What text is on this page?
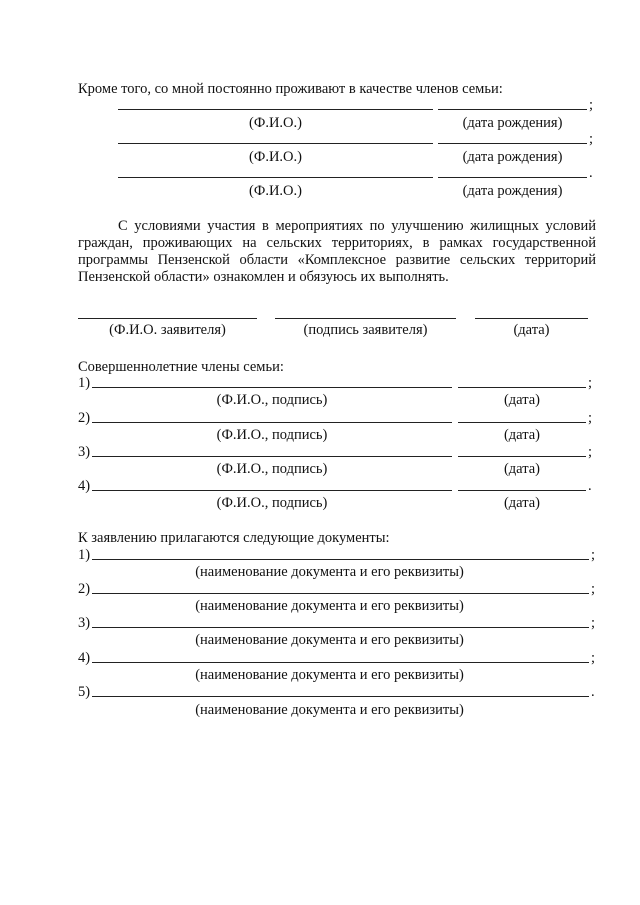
Кроме того, со мной постоянно проживают в качестве членов семьи:
;
(Ф.И.О.)	(дата рождения)
;
(Ф.И.О.)	(дата рождения)
.
(Ф.И.О.)	(дата рождения)
С условиями участия в мероприятиях по улучшению жилищных условий граждан, проживающих на сельских территориях, в рамках государственной программы Пензенской области «Комплексное развитие сельских территорий Пензенской области» ознакомлен и обязуюсь их выполнять.
(Ф.И.О. заявителя)	(подпись заявителя)	(дата)
Совершеннолетние члены семьи:
1)	;
(Ф.И.О., подпись)	(дата)
2)	;
(Ф.И.О., подпись)	(дата)
3)	;
(Ф.И.О., подпись)	(дата)
4)	.
(Ф.И.О., подпись)	(дата)
К заявлению прилагаются следующие документы:
1)	;
(наименование документа и его реквизиты)
2)	;
(наименование документа и его реквизиты)
3)	;
(наименование документа и его реквизиты)
4)	;
(наименование документа и его реквизиты)
5)	.
(наименование документа и его реквизиты)
